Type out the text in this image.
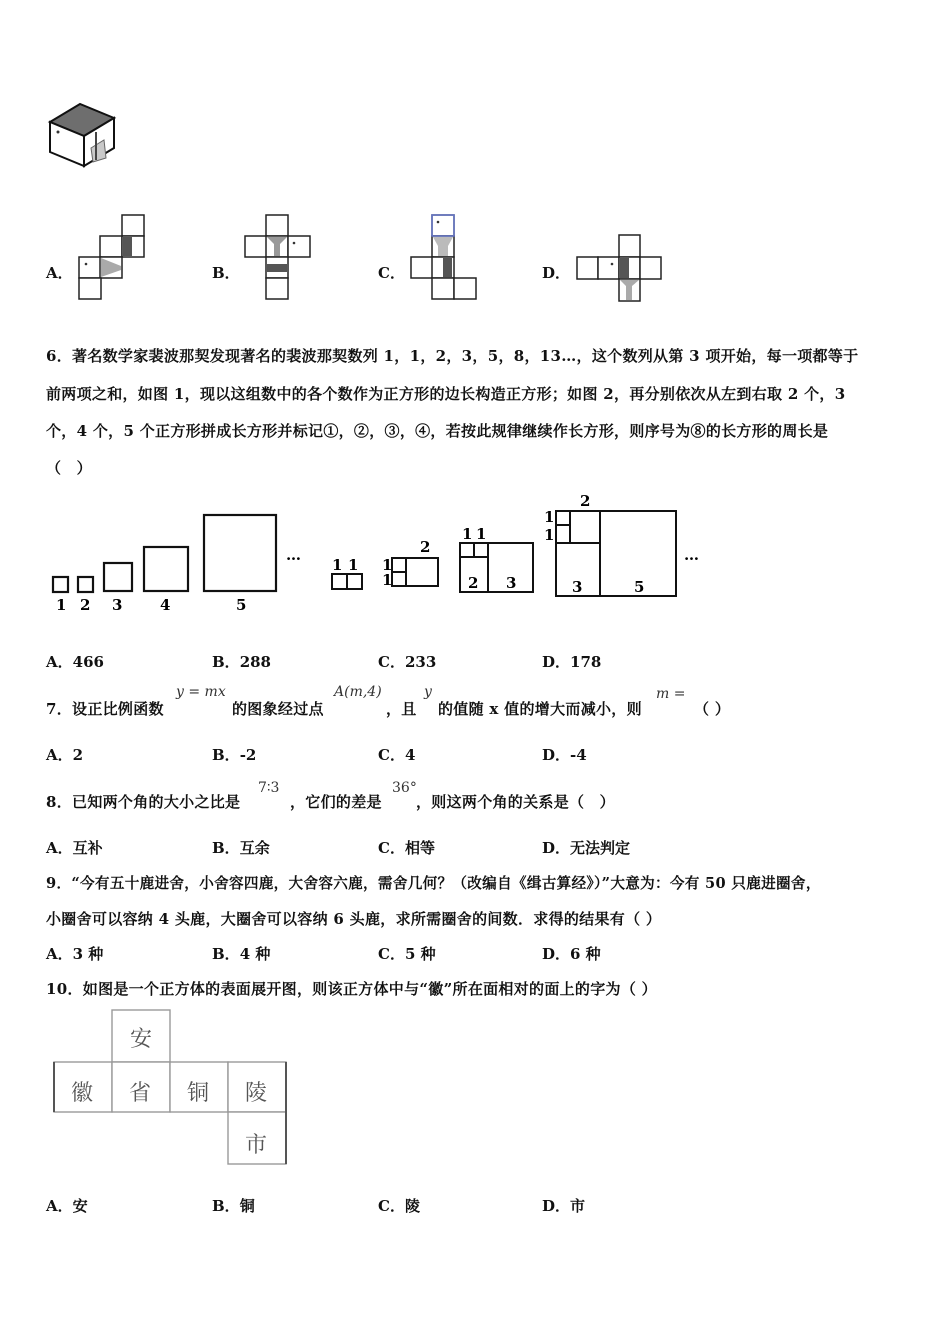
A．	B．	C．	D．
6．著名数学家裴波那契发现著名的裴波那契数列 1，1，2，3，5，8，13…，这个数列从第 3 项开始，每一项都等于
前两项之和，如图 1，现以这组数中的各个数作为正方形的边长构造正方形；如图 2，再分别依次从左到右取 2 个，3
个，4 个，5 个正方形拼成长方形并标记①，②，③，④，若按此规律继续作长方形，则序号为⑧的长方形的周长是
（　）
1 2 3	4	5
…
1 1 1
1
2
1 1
2 3
1
1
2
3	5
…
A．466	B．288	C．233	D．178
7．设正比例函数
y = mx
的图象经过点
A(m,4)
，且
y
的值随 x 值的增大而减小，则
m =
（ ）
A．2	B．-2	C．4	D．-4
8．已知两个角的大小之比是
7∶3
，它们的差是
36°
，则这两个角的关系是（　）
A．互补	B．互余	C．相等	D．无法判定
9．“今有五十鹿进舍，小舍容四鹿，大舍容六鹿，需舍几何？（改编自《缉古算经》）”大意为：今有 50 只鹿进圈舍，
小圈舍可以容纳 4 头鹿，大圈舍可以容纳 6 头鹿，求所需圈舍的间数．求得的结果有（ ）
A．3 种	B．4 种	C．5 种	D．6 种
10．如图是一个正方体的表面展开图，则该正方体中与“徽”所在面相对的面上的字为（ ）
安
徽 省 铜 陵
市
A．安	B．铜	C．陵	D．市
